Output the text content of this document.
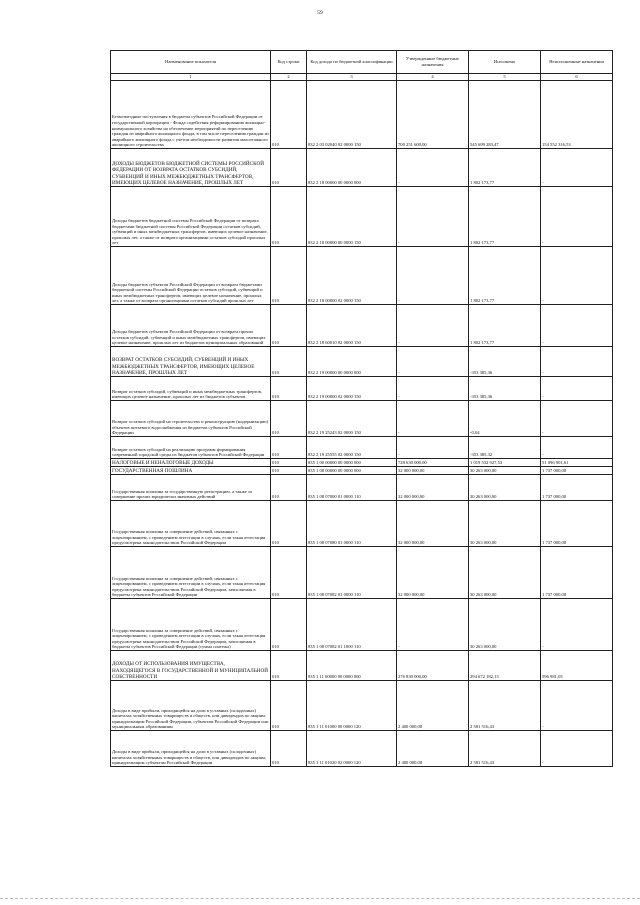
59
Наименование показателя	Код строки	Код дохода по бюджетной классификации	Утвержденные бюджетные назначения	Исполнено	Неисполненные назначения
1	2	3	4	5	6
Безвозмездные поступления в бюджеты субъектов Российской Федерации от государственной корпорации - Фонда содействия реформированию жилищно-коммунального хозяйства на обеспечение мероприятий по переселению граждан из аварийного жилищного фонда, в том числе переселению граждан из аварийного жилищного фонда с учетом необходимости развития малоэтажного жилищного строительства	010	832 2 03 02040 02 0000 150	700 251 600,00	545 699 283,47	154 552 316,53
ДОХОДЫ БЮДЖЕТОВ БЮДЖЕТНОЙ СИСТЕМЫ РОССИЙСКОЙ ФЕДЕРАЦИИ ОТ ВОЗВРАТА ОСТАТКОВ СУБСИДИЙ, СУБВЕНЦИЙ И ИНЫХ МЕЖБЮДЖЕТНЫХ ТРАНСФЕРТОВ, ИМЕЮЩИХ ЦЕЛЕВОЕ НАЗНАЧЕНИЕ, ПРОШЛЫХ ЛЕТ	010	832 2 18 00000 00 0000 000	-	1 802 173,77	-
Доходы бюджетов бюджетной системы Российской Федерации от возврата бюджетами бюджетной системы Российской Федерации остатков субсидий, субвенций и иных межбюджетных трансфертов, имеющих целевое назначение, прошлых лет, а также от возврата организациями остатков субсидий прошлых лет	010	832 2 18 00000 00 0000 150	-	1 802 173,77	-
Доходы бюджетов субъектов Российской Федерации от возврата бюджетами бюджетной системы Российской Федерации остатков субсидий, субвенций и иных межбюджетных трансфертов, имеющих целевое назначение, прошлых лет, а также от возврата организациями остатков субсидий прошлых лет	010	832 2 18 00000 02 0000 150	-	1 802 173,77	-
Доходы бюджетов субъектов Российской Федерации от возврата прочих остатков субсидий, субвенций и иных межбюджетных трансфертов, имеющих целевое назначение, прошлых лет из бюджетов муниципальных образований	010	832 2 18 60010 02 0000 150	-	1 802 173,77	-
ВОЗВРАТ ОСТАТКОВ СУБСИДИЙ, СУБВЕНЦИЙ И ИНЫХ МЕЖБЮДЖЕТНЫХ ТРАНСФЕРТОВ, ИМЕЮЩИХ ЦЕЛЕВОЕ НАЗНАЧЕНИЕ, ПРОШЛЫХ ЛЕТ	010	832 2 19 00000 00 0000 000	-	-353 385,36	-
Возврат остатков субсидий, субвенций и иных межбюджетных трансфертов, имеющих целевое назначение, прошлых лет из бюджетов субъектов	010	832 2 19 00000 02 0000 150	-	-353 385,36	-
Возврат остатков субсидий на строительство и реконструкцию (модернизацию) объектов питьевого водоснабжения из бюджетов субъектов Российской Федерации	010	832 2 19 25243 02 0000 150	-	-0,04	-
Возврат остатков субсидий на реализацию программ формирования современной городской среды из бюджетов субъектов Российской Федерации	010	832 2 19 25555 02 0000 150	-	-353 385,32	-
НАЛОГОВЫЕ И НЕНАЛОГОВЫЕ ДОХОДЫ	010	835 1 00 00000 00 0000 000	728 630 000,00	1 019 532 927,53	51 096 901,61
ГОСУДАРСТВЕННАЯ ПОШЛИНА	010	835 1 08 00000 00 0000 000	32 000 000,00	30 263 000,00	1 737 000,00
Государственная пошлина за государственную регистрацию, а также за совершение прочих юридически значимых действий	010	835 1 08 07000 01 0000 110	32 000 000,00	30 263 000,00	1 737 000,00
Государственная пошлина за совершение действий, связанных с лицензированием, с проведением аттестации в случаях, если такая аттестация предусмотрена законодательством Российской Федерации	010	835 1 08 07080 01 0000 110	32 000 000,00	30 263 000,00	1 737 000,00
Государственная пошлина за совершение действий, связанных с лицензированием, с проведением аттестации в случаях, если такая аттестация предусмотрена законодательством Российской Федерации, зачисляемая в бюджеты субъектов Российской Федерации	010	835 1 08 07082 01 0000 110	32 000 000,00	30 263 000,00	1 737 000,00
Государственная пошлина за совершение действий, связанных с лицензированием, с проведением аттестации в случаях, если такая аттестация предусмотрена законодательством Российской Федерации, зачисляемая в бюджеты субъектов Российской Федерации (сумма платежа)	010	835 1 08 07082 01 1000 110	-	30 263 000,00	-
ДОХОДЫ ОТ ИСПОЛЬЗОВАНИЯ ИМУЩЕСТВА, НАХОДЯЩЕГОСЯ В ГОСУДАРСТВЕННОЙ И МУНИЦИПАЛЬНОЙ СОБСТВЕННОСТИ	010	835 1 11 00000 00 0000 000	276 830 000,00	294 672 182,13	596 981,05
Доходы в виде прибыли, приходящейся на доли в уставных (складочных) капиталах хозяйственных товариществ и обществ, или дивидендов по акциям, принадлежащим Российской Федерации, субъектам Российской Федерации или муниципальным образованиям	010	835 1 11 01000 00 0000 120	2 400 000,00	2 581 516,43	-
Доходы в виде прибыли, приходящейся на доли в уставных (складочных) капиталах хозяйственных товариществ и обществ, или дивидендов по акциям, принадлежащим субъектам Российской Федерации	010	835 1 11 01020 02 0000 120	2 400 000,00	2 581 516,43	-
